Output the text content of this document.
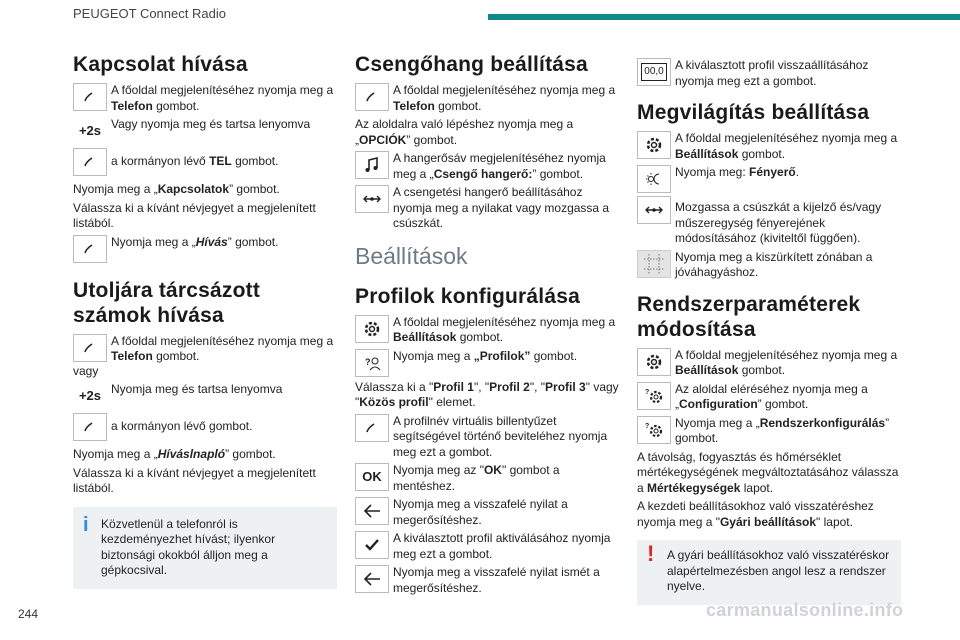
PEUGEOT Connect Radio
Kapcsolat hívása
A főoldal megjelenítéséhez nyomja meg a
Telefon gombot.
+2s Vagy nyomja meg és tartsa lenyomva
a kormányon lévő TEL gombot.

Nyomja meg a „Kapcsolatok” gombot.

Válassza ki a kívánt névjegyet a megjelenített listából.

Nyomja meg a „Hívás” gombot.
Utoljára tárcsázott számok hívása
A főoldal megjelenítéséhez nyomja meg a
Telefon gombot.

vagy

+2s Nyomja meg és tartsa lenyomva
a kormányon lévő gombot.

Nyomja meg a „Híváslnapló” gombot.

Válassza ki a kívánt névjegyet a megjelenített listából.

i	Közvetlenül a telefonról is kezdeményezhet hívást; ilyenkor biztonsági okokból álljon meg a gépkocsival.
Csengőhang beállítása
A főoldal megjelenítéséhez nyomja meg a
Telefon gombot.

Az aloldalra való lépéshez nyomja meg a „OPCIÓK” gombot.

A hangerősáv megjelenítéséhez nyomja meg a „Csengő hangerő:” gombot.
A csengetési hangerő beállításához nyomja meg a nyilakat vagy mozgassa a csúszkát.
Beállítások
Profilok konfigurálása
A főoldal megjelenítéséhez nyomja meg a
Beállítások gombot.
? Nyomja meg a „Profilok” gombot.

Válassza ki a "Profil 1", "Profil 2", "Profil 3" vagy "Közös profil" elemet.

A profilnév virtuális billentyűzet segítségével történő beviteléhez nyomja meg ezt a gombot.
OK Nyomja meg az "OK" gombot a mentéshez.
Nyomja meg a visszafelé nyilat a megerősítéshez.
A kiválasztott profil aktiválásához nyomja meg ezt a gombot.
Nyomja meg a visszafelé nyilat ismét a megerősítéshez.
00,0 A kiválasztott profil visszaállításához nyomja meg ezt a gombot.
Megvilágítás beállítása
A főoldal megjelenítéséhez nyomja meg a
Beállítások gombot.
Nyomja meg: Fényerő.
Mozgassa a csúszkát a kijelző és/vagy műszeregység fényerejének módosításához (kiviteltől függően).
Nyomja meg a kiszürkített zónában a jóváhagyáshoz.
Rendszerparaméterek módosítása
A főoldal megjelenítéséhez nyomja meg a
Beállítások gombot.
? Az aloldal eléréséhez nyomja meg a „Configuration” gombot.
? Nyomja meg a „Rendszerkonfigurálás” gombot.

A távolság, fogyasztás és hőmérséklet mértékegységének megváltoztatásához válassza a Mértékegységek lapot.

A kezdeti beállításokhoz való visszatéréshez nyomja meg a "Gyári beállítások" lapot.

!	A gyári beállításokhoz való visszatéréskor alapértelmezésben angol lesz a rendszer nyelve.
244	carmanualsonline.info
